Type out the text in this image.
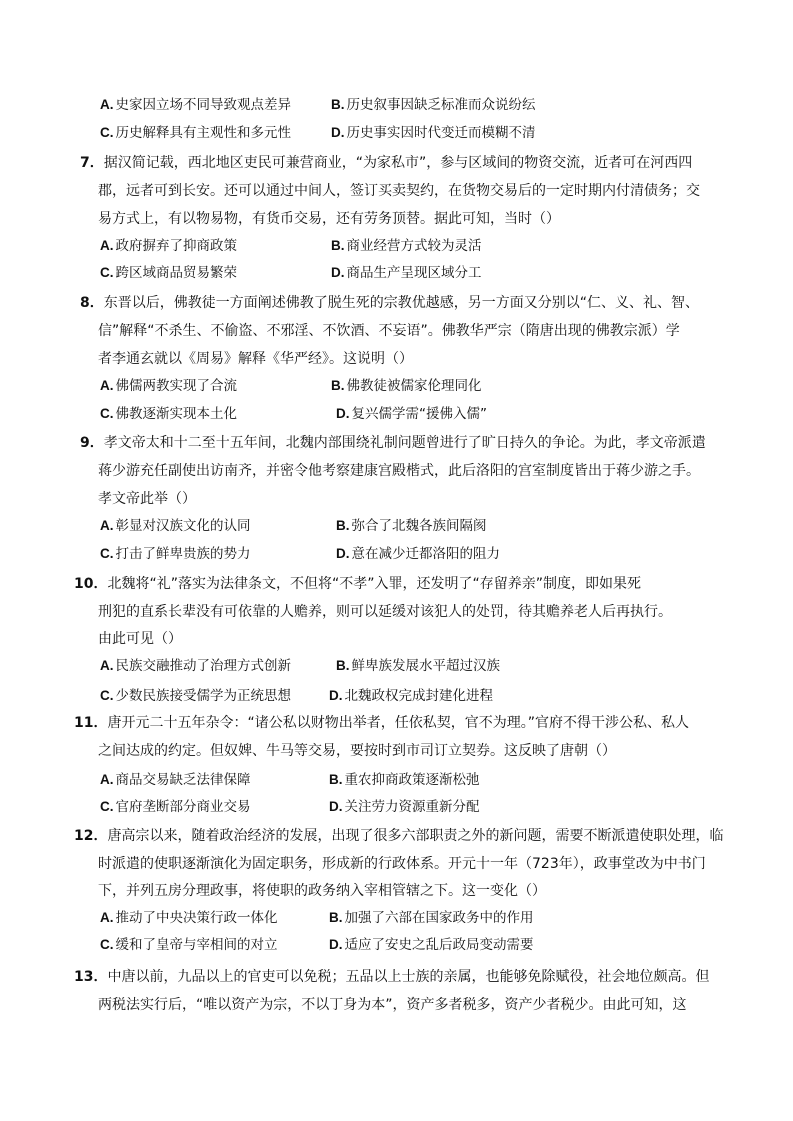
A. 史家因立场不同导致观点差异	B. 历史叙事因缺乏标准而众说纷纭
C. 历史解释具有主观性和多元性	D. 历史事实因时代变迁而模糊不清
7．据汉简记载，西北地区吏民可兼营商业，“为家私市”，参与区域间的物资交流，近者可在河西四
郡，远者可到长安。还可以通过中间人，签订买卖契约，在货物交易后的一定时期内付清债务；交
易方式上，有以物易物，有货币交易，还有劳务顶替。据此可知，当时（）
A. 政府摒弃了抑商政策	B. 商业经营方式较为灵活
C. 跨区域商品贸易繁荣	D. 商品生产呈现区域分工
8．东晋以后，佛教徒一方面阐述佛教了脱生死的宗教优越感，另一方面又分别以“仁、义、礼、智、
信”解释“不杀生、不偷盗、不邪淫、不饮酒、不妄语”。佛教华严宗（隋唐出现的佛教宗派）学
者李通玄就以《周易》解释《华严经》。这说明（）
A. 佛儒两教实现了合流	B. 佛教徒被儒家伦理同化
C. 佛教逐渐实现本土化	D. 复兴儒学需“援佛入儒”
9．孝文帝太和十二至十五年间，北魏内部围绕礼制问题曾进行了旷日持久的争论。为此，孝文帝派遣
蒋少游充任副使出访南齐，并密令他考察建康宫殿楷式，此后洛阳的宫室制度皆出于蒋少游之手。
孝文帝此举（）
A. 彰显对汉族文化的认同	B. 弥合了北魏各族间隔阂
C. 打击了鲜卑贵族的势力	D. 意在减少迁都洛阳的阻力
10．北魏将“礼”落实为法律条文，不但将“不孝”入罪，还发明了“存留养亲”制度，即如果死
刑犯的直系长辈没有可依靠的人赡养，则可以延缓对该犯人的处罚，待其赡养老人后再执行。
由此可见（）
A. 民族交融推动了治理方式创新	B. 鲜卑族发展水平超过汉族
C. 少数民族接受儒学为正统思想	D. 北魏政权完成封建化进程
11．唐开元二十五年杂令：“诸公私以财物出举者，任依私契，官不为理。”官府不得干涉公私、私人
之间达成的约定。但奴婢、牛马等交易，要按时到市司订立契券。这反映了唐朝（）
A. 商品交易缺乏法律保障	B. 重农抑商政策逐渐松弛
C. 官府垄断部分商业交易	D. 关注劳力资源重新分配
12．唐高宗以来，随着政治经济的发展，出现了很多六部职责之外的新问题，需要不断派遣使职处理，临
时派遣的使职逐渐演化为固定职务，形成新的行政体系。开元十一年（723年），政事堂改为中书门
下，并列五房分理政事，将使职的政务纳入宰相管辖之下。这一变化（）
A. 推动了中央决策行政一体化	B. 加强了六部在国家政务中的作用
C. 缓和了皇帝与宰相间的对立	D. 适应了安史之乱后政局变动需要
13．中唐以前，九品以上的官吏可以免税；五品以上士族的亲属，也能够免除赋役，社会地位颇高。但
两税法实行后，“唯以资产为宗，不以丁身为本”，资产多者税多，资产少者税少。由此可知，这
